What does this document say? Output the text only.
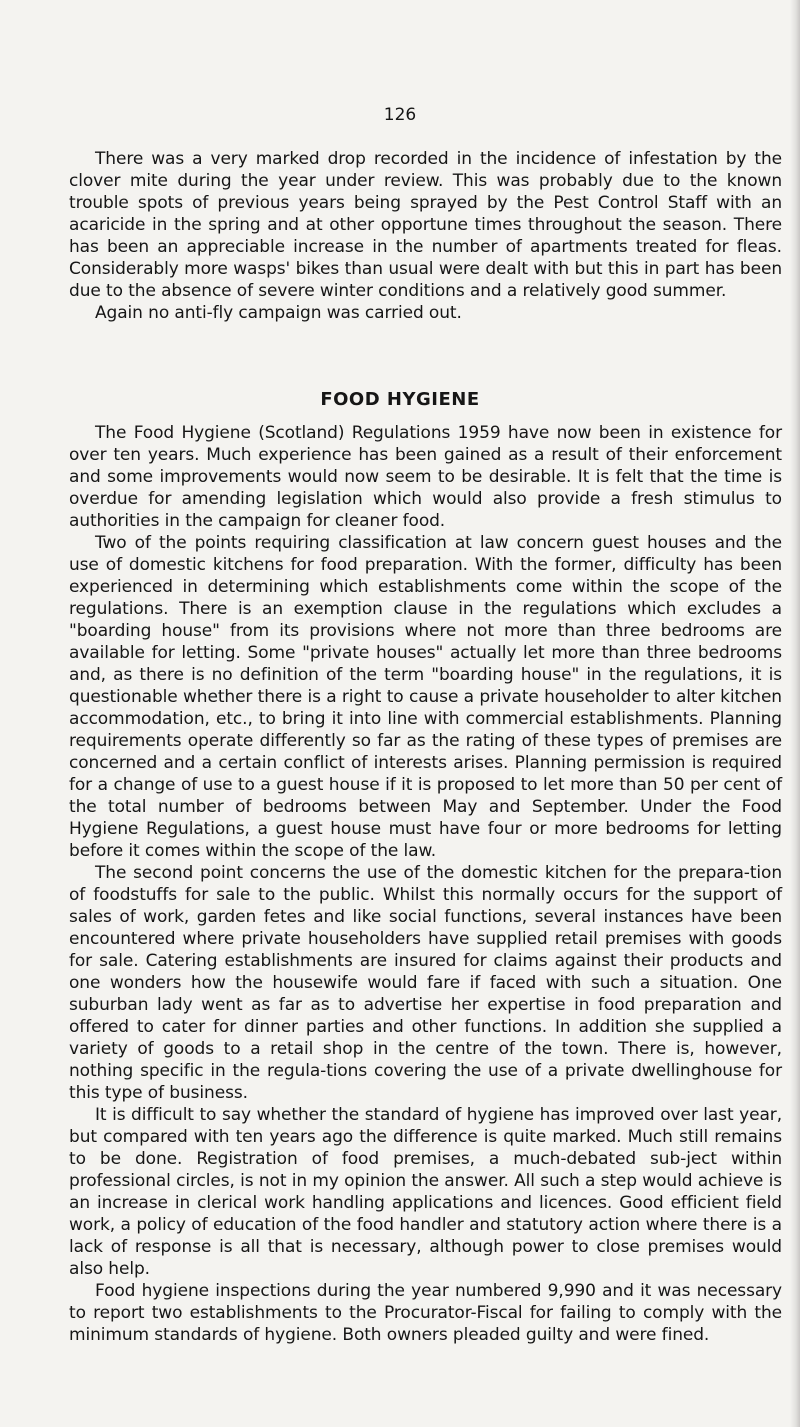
126

There was a very marked drop recorded in the incidence of infestation by the clover mite during the year under review. This was probably due to the known trouble spots of previous years being sprayed by the Pest Control Staff with an acaricide in the spring and at other opportune times throughout the season. There has been an appreciable increase in the number of apartments treated for fleas. Considerably more wasps' bikes than usual were dealt with but this in part has been due to the absence of severe winter conditions and a relatively good summer.

Again no anti-fly campaign was carried out.

FOOD HYGIENE

The Food Hygiene (Scotland) Regulations 1959 have now been in existence for over ten years. Much experience has been gained as a result of their enforcement and some improvements would now seem to be desirable. It is felt that the time is overdue for amending legislation which would also provide a fresh stimulus to authorities in the campaign for cleaner food.

Two of the points requiring classification at law concern guest houses and the use of domestic kitchens for food preparation. With the former, difficulty has been experienced in determining which establishments come within the scope of the regulations. There is an exemption clause in the regulations which excludes a "boarding house" from its provisions where not more than three bedrooms are available for letting. Some "private houses" actually let more than three bedrooms and, as there is no definition of the term "boarding house" in the regulations, it is questionable whether there is a right to cause a private householder to alter kitchen accommodation, etc., to bring it into line with commercial establishments. Planning requirements operate differently so far as the rating of these types of premises are concerned and a certain conflict of interests arises. Planning permission is required for a change of use to a guest house if it is proposed to let more than 50 per cent of the total number of bedrooms between May and September. Under the Food Hygiene Regulations, a guest house must have four or more bedrooms for letting before it comes within the scope of the law.

The second point concerns the use of the domestic kitchen for the prepara-tion of foodstuffs for sale to the public. Whilst this normally occurs for the support of sales of work, garden fetes and like social functions, several instances have been encountered where private householders have supplied retail premises with goods for sale. Catering establishments are insured for claims against their products and one wonders how the housewife would fare if faced with such a situation. One suburban lady went as far as to advertise her expertise in food preparation and offered to cater for dinner parties and other functions. In addition she supplied a variety of goods to a retail shop in the centre of the town. There is, however, nothing specific in the regula-tions covering the use of a private dwellinghouse for this type of business.

It is difficult to say whether the standard of hygiene has improved over last year, but compared with ten years ago the difference is quite marked. Much still remains to be done. Registration of food premises, a much-debated sub-ject within professional circles, is not in my opinion the answer. All such a step would achieve is an increase in clerical work handling applications and licences. Good efficient field work, a policy of education of the food handler and statutory action where there is a lack of response is all that is necessary, although power to close premises would also help.

Food hygiene inspections during the year numbered 9,990 and it was necessary to report two establishments to the Procurator-Fiscal for failing to comply with the minimum standards of hygiene. Both owners pleaded guilty and were fined.
